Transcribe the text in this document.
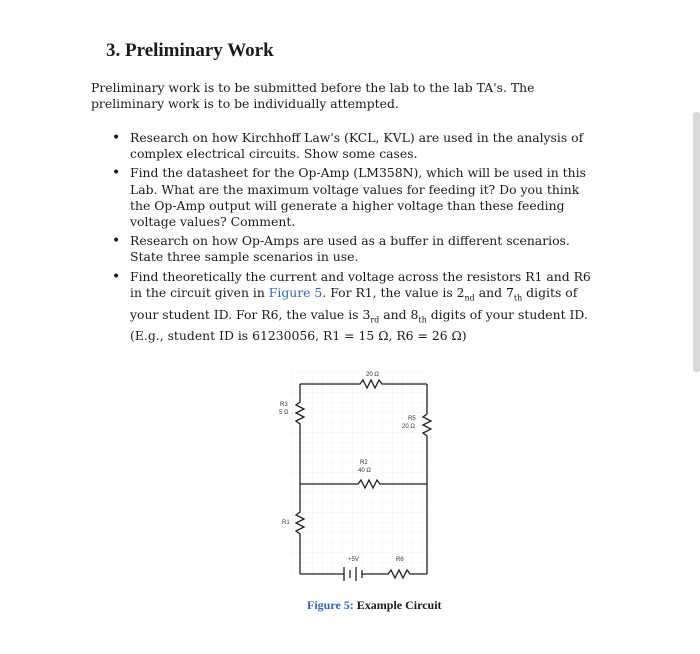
3. Preliminary Work

Preliminary work is to be submitted before the lab to the lab TA's. The preliminary work is to be individually attempted.

• Research on how Kirchhoff Law's (KCL, KVL) are used in the analysis of complex electrical circuits. Show some cases.
• Find the datasheet for the Op-Amp (LM358N), which will be used in this Lab. What are the maximum voltage values for feeding it? Do you think the Op-Amp output will generate a higher voltage than these feeding voltage values? Comment.
• Research on how Op-Amps are used as a buffer in different scenarios. State three sample scenarios in use.
• Find theoretically the current and voltage across the resistors R1 and R6 in the circuit given in Figure 5. For R1, the value is $2_{nd}$ and $7_{th}$ digits of your student ID. For R6, the value is $3_{rd}$ and $8_{th}$ digits of your student ID. (E.g., student ID is 61230056, R1 = 15 Ω, R6 = 26 Ω)
20 Ω
R3
5 Ω
R5
20 Ω
R2
40 Ω
R1
+5V	R6
Figure 5: Example Circuit
